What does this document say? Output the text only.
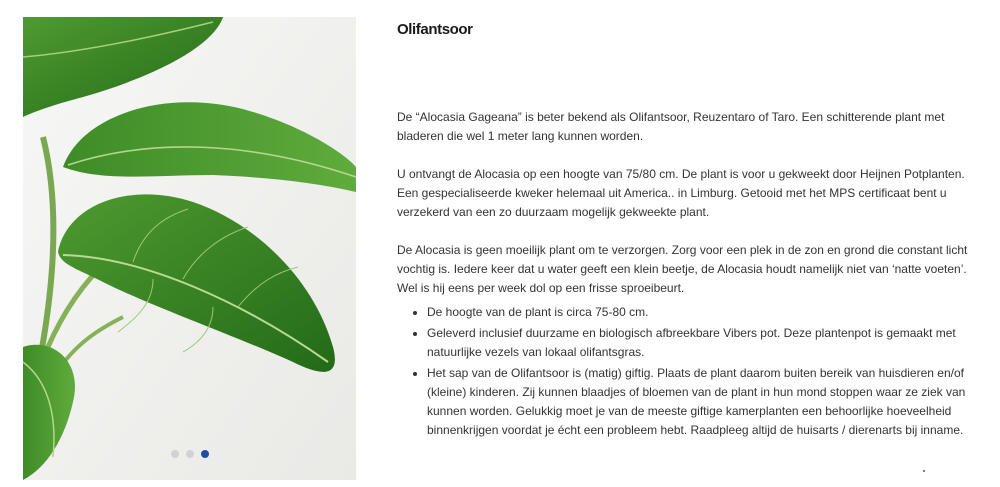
Olifantsoor

De “Alocasia Gageana” is beter bekend als Olifantsoor, Reuzentaro of Taro. Een schitterende plant met bladeren die wel 1 meter lang kunnen worden.

U ontvangt de Alocasia op een hoogte van 75/80 cm. De plant is voor u gekweekt door Heijnen Potplanten. Een gespecialiseerde kweker helemaal uit America.. in Limburg. Getooid met het MPS certificaat bent u verzekerd van een zo duurzaam mogelijk gekweekte plant.

De Alocasia is geen moeilijk plant om te verzorgen. Zorg voor een plek in de zon en grond die constant licht vochtig is. Iedere keer dat u water geeft een klein beetje, de Alocasia houdt namelijk niet van ‘natte voeten’. Wel is hij eens per week dol op een frisse sproeibeurt.

• De hoogte van de plant is circa 75-80 cm.
• Geleverd inclusief duurzame en biologisch afbreekbare Vibers pot. Deze plantenpot is gemaakt met natuurlijke vezels van lokaal olifantsgras.
• Het sap van de Olifantsoor is (matig) giftig. Plaats de plant daarom buiten bereik van huisdieren en/of (kleine) kinderen. Zij kunnen blaadjes of bloemen van de plant in hun mond stoppen waar ze ziek van kunnen worden. Gelukkig moet je van de meeste giftige kamerplanten een behoorlijke hoeveelheid binnenkrijgen voordat je écht een probleem hebt. Raadpleeg altijd de huisarts / dierenarts bij inname.
